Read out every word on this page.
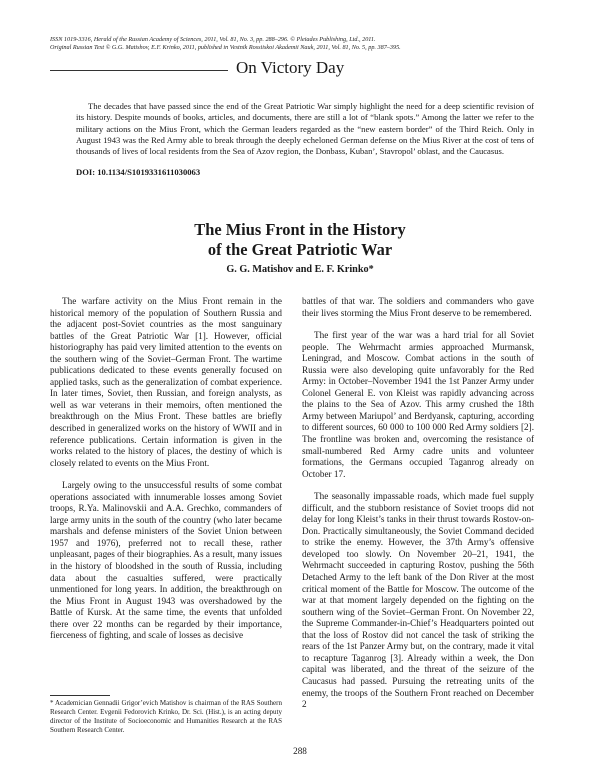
ISSN 1019-3316, Herald of the Russian Academy of Sciences, 2011, Vol. 81, No. 3, pp. 288–296. © Pleiades Publishing, Ltd., 2011.
Original Russian Text © G.G. Matishov, E.F. Krinko, 2011, published in Vestnik Rossiiskoi Akademii Nauk, 2011, Vol. 81, No. 5, pp. 387–395.
On Victory Day
The decades that have passed since the end of the Great Patriotic War simply highlight the need for a deep scientific revision of its history. Despite mounds of books, articles, and documents, there are still a lot of “blank spots.” Among the latter we refer to the military actions on the Mius Front, which the German leaders regarded as the “new eastern border” of the Third Reich. Only in August 1943 was the Red Army able to break through the deeply echeloned German defense on the Mius River at the cost of tens of thousands of lives of local residents from the Sea of Azov region, the Donbass, Kuban’, Stavropol’ oblast, and the Caucasus.
DOI: 10.1134/S1019331611030063
The Mius Front in the History
of the Great Patriotic War
G. G. Matishov and E. F. Krinko*

The warfare activity on the Mius Front remain in the historical memory of the population of Southern Russia and the adjacent post-Soviet countries as the most sanguinary battles of the Great Patriotic War [1]. However, official historiography has paid very limited attention to the events on the southern wing of the Soviet–German Front. The wartime publications dedicated to these events generally focused on applied tasks, such as the generalization of combat experience. In later times, Soviet, then Russian, and foreign analysts, as well as war veterans in their memoirs, often mentioned the breakthrough on the Mius Front. These battles are briefly described in generalized works on the history of WWII and in reference publications. Certain information is given in the works related to the history of places, the destiny of which is closely related to events on the Mius Front.

Largely owing to the unsuccessful results of some combat operations associated with innumerable losses among Soviet troops, R.Ya. Malinovskii and A.A. Grechko, commanders of large army units in the south of the country (who later became marshals and defense ministers of the Soviet Union between 1957 and 1976), preferred not to recall these, rather unpleasant, pages of their biographies. As a result, many issues in the history of bloodshed in the south of Russia, including data about the casualties suffered, were practically unmentioned for long years. In addition, the breakthrough on the Mius Front in August 1943 was overshadowed by the Battle of Kursk. At the same time, the events that unfolded there over 22 months can be regarded by their importance, fierceness of fighting, and scale of losses as decisive

battles of that war. The soldiers and commanders who gave their lives storming the Mius Front deserve to be remembered.

The first year of the war was a hard trial for all Soviet people. The Wehrmacht armies approached Murmansk, Leningrad, and Moscow. Combat actions in the south of Russia were also developing quite unfavorably for the Red Army: in October–November 1941 the 1st Panzer Army under Colonel General E. von Kleist was rapidly advancing across the plains to the Sea of Azov. This army crushed the 18th Army between Mariupol’ and Berdyansk, capturing, according to different sources, 60 000 to 100 000 Red Army soldiers [2]. The frontline was broken and, overcoming the resistance of small-numbered Red Army cadre units and volunteer formations, the Germans occupied Taganrog already on October 17.

The seasonally impassable roads, which made fuel supply difficult, and the stubborn resistance of Soviet troops did not delay for long Kleist’s tanks in their thrust towards Rostov-on-Don. Practically simultaneously, the Soviet Command decided to strike the enemy. However, the 37th Army’s offensive developed too slowly. On November 20–21, 1941, the Wehrmacht succeeded in capturing Rostov, pushing the 56th Detached Army to the left bank of the Don River at the most critical moment of the Battle for Moscow. The outcome of the war at that moment largely depended on the fighting on the southern wing of the Soviet–German Front. On November 22, the Supreme Commander-in-Chief’s Headquarters pointed out that the loss of Rostov did not cancel the task of striking the rears of the 1st Panzer Army but, on the contrary, made it vital to recapture Taganrog [3]. Already within a week, the Don capital was liberated, and the threat of the seizure of the Caucasus had passed. Pursuing the retreating units of the enemy, the troops of the Southern Front reached on December 2

* Academician Gennadii Grigor’evich Matishov is chairman of the RAS Southern Research Center. Evgenii Fedorovich Krinko, Dr. Sci. (Hist.), is an acting deputy director of the Institute of Socioeconomic and Humanities Research at the RAS Southern Research Center.
288
